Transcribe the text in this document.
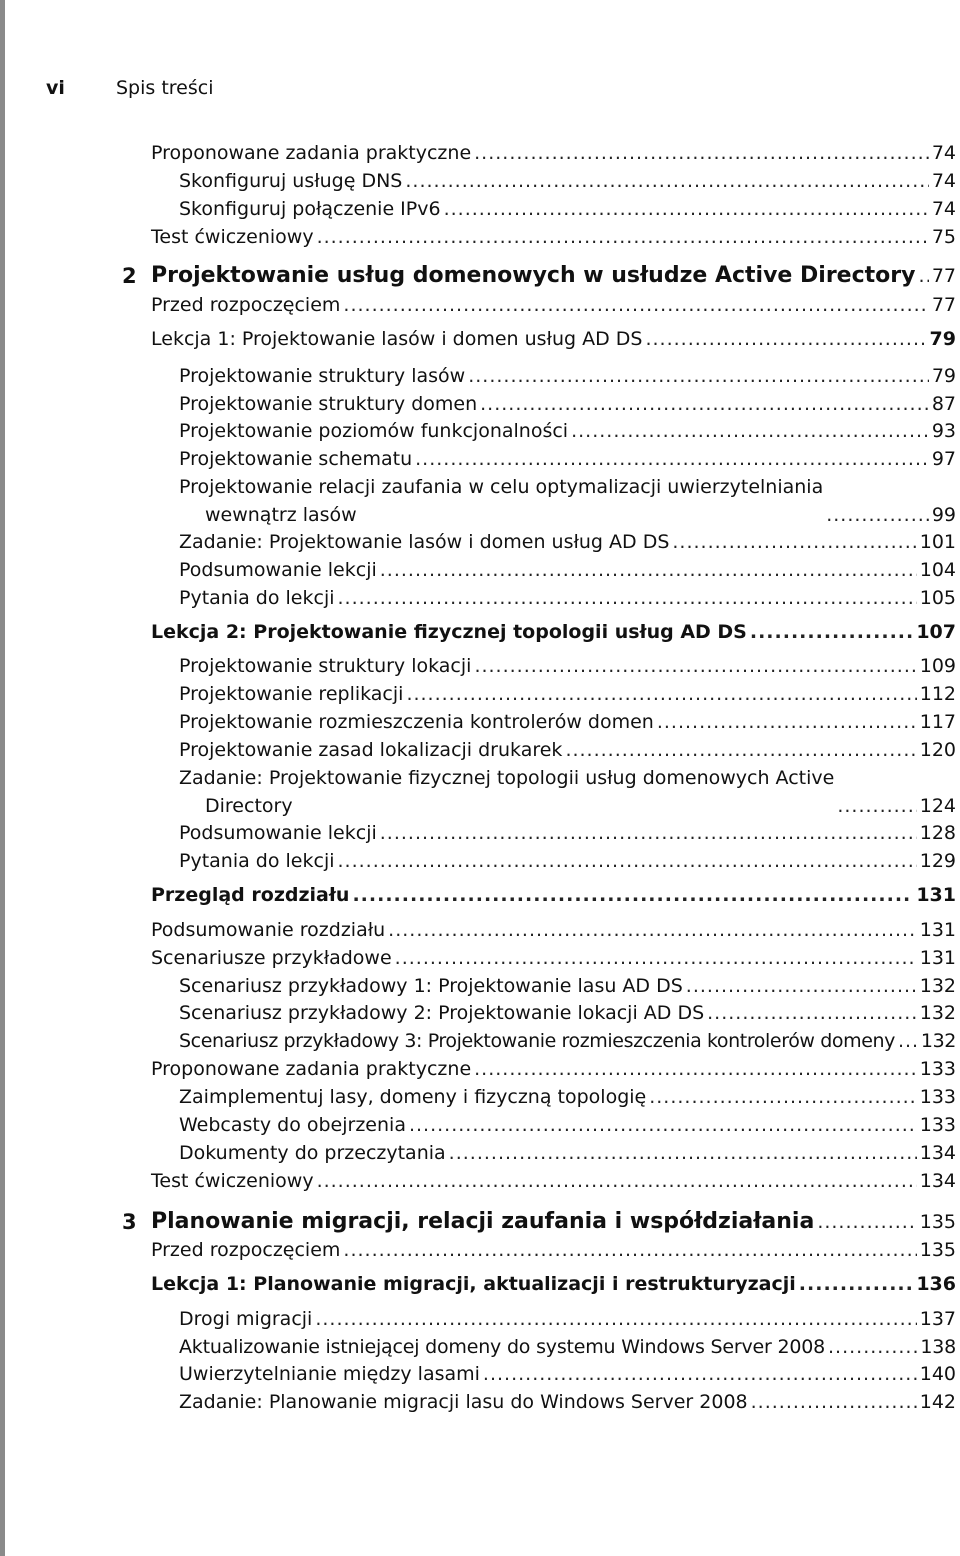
vi	Spis treści
Proponowane zadania praktyczne .....	74
Skonfiguruj usługę DNS .....	74
Skonfiguruj połączenie IPv6 .....	74
Test ćwiczeniowy .....	75
2 Projektowanie usług domenowych w usłudze Active Directory ..... 77
Przed rozpoczęciem .....	77
Lekcja 1: Projektowanie lasów i domen usług AD DS .....	79
Projektowanie struktury lasów .....	79
Projektowanie struktury domen .....	87
Projektowanie poziomów funkcjonalności .....	93
Projektowanie schematu .....	97
Projektowanie relacji zaufania w celu optymalizacji uwierzytelniania
wewnątrz lasów .....	99
Zadanie: Projektowanie lasów i domen usług AD DS .....	101
Podsumowanie lekcji .....	104
Pytania do lekcji .....	105
Lekcja 2: Projektowanie fizycznej topologii usług AD DS .....	107
Projektowanie struktury lokacji .....	109
Projektowanie replikacji .....	112
Projektowanie rozmieszczenia kontrolerów domen .....	117
Projektowanie zasad lokalizacji drukarek .....	120
Zadanie: Projektowanie fizycznej topologii usług domenowych Active
Directory .....	124
Podsumowanie lekcji .....	128
Pytania do lekcji .....	129
Przegląd rozdziału .....	131
Podsumowanie rozdziału .....	131
Scenariusze przykładowe .....	131
Scenariusz przykładowy 1: Projektowanie lasu AD DS .....	132
Scenariusz przykładowy 2: Projektowanie lokacji AD DS .....	132
Scenariusz przykładowy 3: Projektowanie rozmieszczenia kontrolerów domeny ..... 132
Proponowane zadania praktyczne .....	133
Zaimplementuj lasy, domeny i fizyczną topologię .....	133
Webcasty do obejrzenia .....	133
Dokumenty do przeczytania .....	134
Test ćwiczeniowy .....	134
3 Planowanie migracji, relacji zaufania i współdziałania .....	135
Przed rozpoczęciem .....	135
Lekcja 1: Planowanie migracji, aktualizacji i restrukturyzacji .....	136
Drogi migracji .....	137
Aktualizowanie istniejącej domeny do systemu Windows Server 2008 .....	138
Uwierzytelnianie między lasami .....	140
Zadanie: Planowanie migracji lasu do Windows Server 2008 .....	142
